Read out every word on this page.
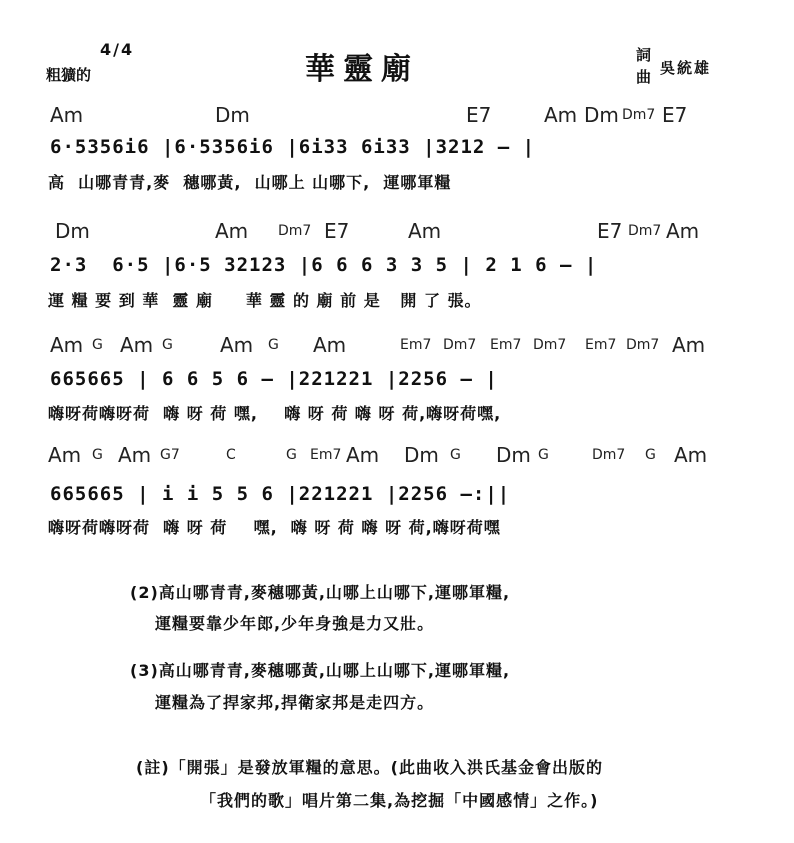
4/4
粗獷的	華靈廟	詞
曲 吳統雄
Am	Dm	E7	Am Dm Dm7 E7
6·5356i6 |6·5356i6 |6i33 6i33 |3212 — |
高  山哪青青,麥  穗哪黃,  山哪上 山哪下,  運哪軍糧
Dm	Am Dm7 E7	Am	E7 Dm7 Am
2·3  6·5 |6·5 32123 |6 6 6 3 3 5 | 2 1 6 — |
運 糧 要 到 華  靈 廟     華 靈 的 廟 前 是   開 了 張。
Am G Am G Am G Am	Em7 Dm7 Em7 Dm7 Em7 Dm7 Am
665665 | 6 6 5 6 — |221221 |2256 — |
嗨呀荷嗨呀荷  嗨 呀 荷 嘿,    嗨 呀 荷 嗨 呀 荷,嗨呀荷嘿,
Am G Am G7	C	G Em7 Am Dm G Dm G	Dm7 G Am
665665 | i i 5 5 6 |221221 |2256 —:||
嗨呀荷嗨呀荷  嗨 呀 荷    嘿,  嗨 呀 荷 嗨 呀 荷,嗨呀荷嘿
(2)高山哪青青,麥穗哪黃,山哪上山哪下,運哪軍糧,
運糧要靠少年郎,少年身強是力又壯。
(3)高山哪青青,麥穗哪黃,山哪上山哪下,運哪軍糧,
運糧為了捍家邦,捍衛家邦是走四方。
(註)「開張」是發放軍糧的意思。(此曲收入洪氏基金會出版的
「我們的歌」唱片第二集,為挖掘「中國感情」之作。)
